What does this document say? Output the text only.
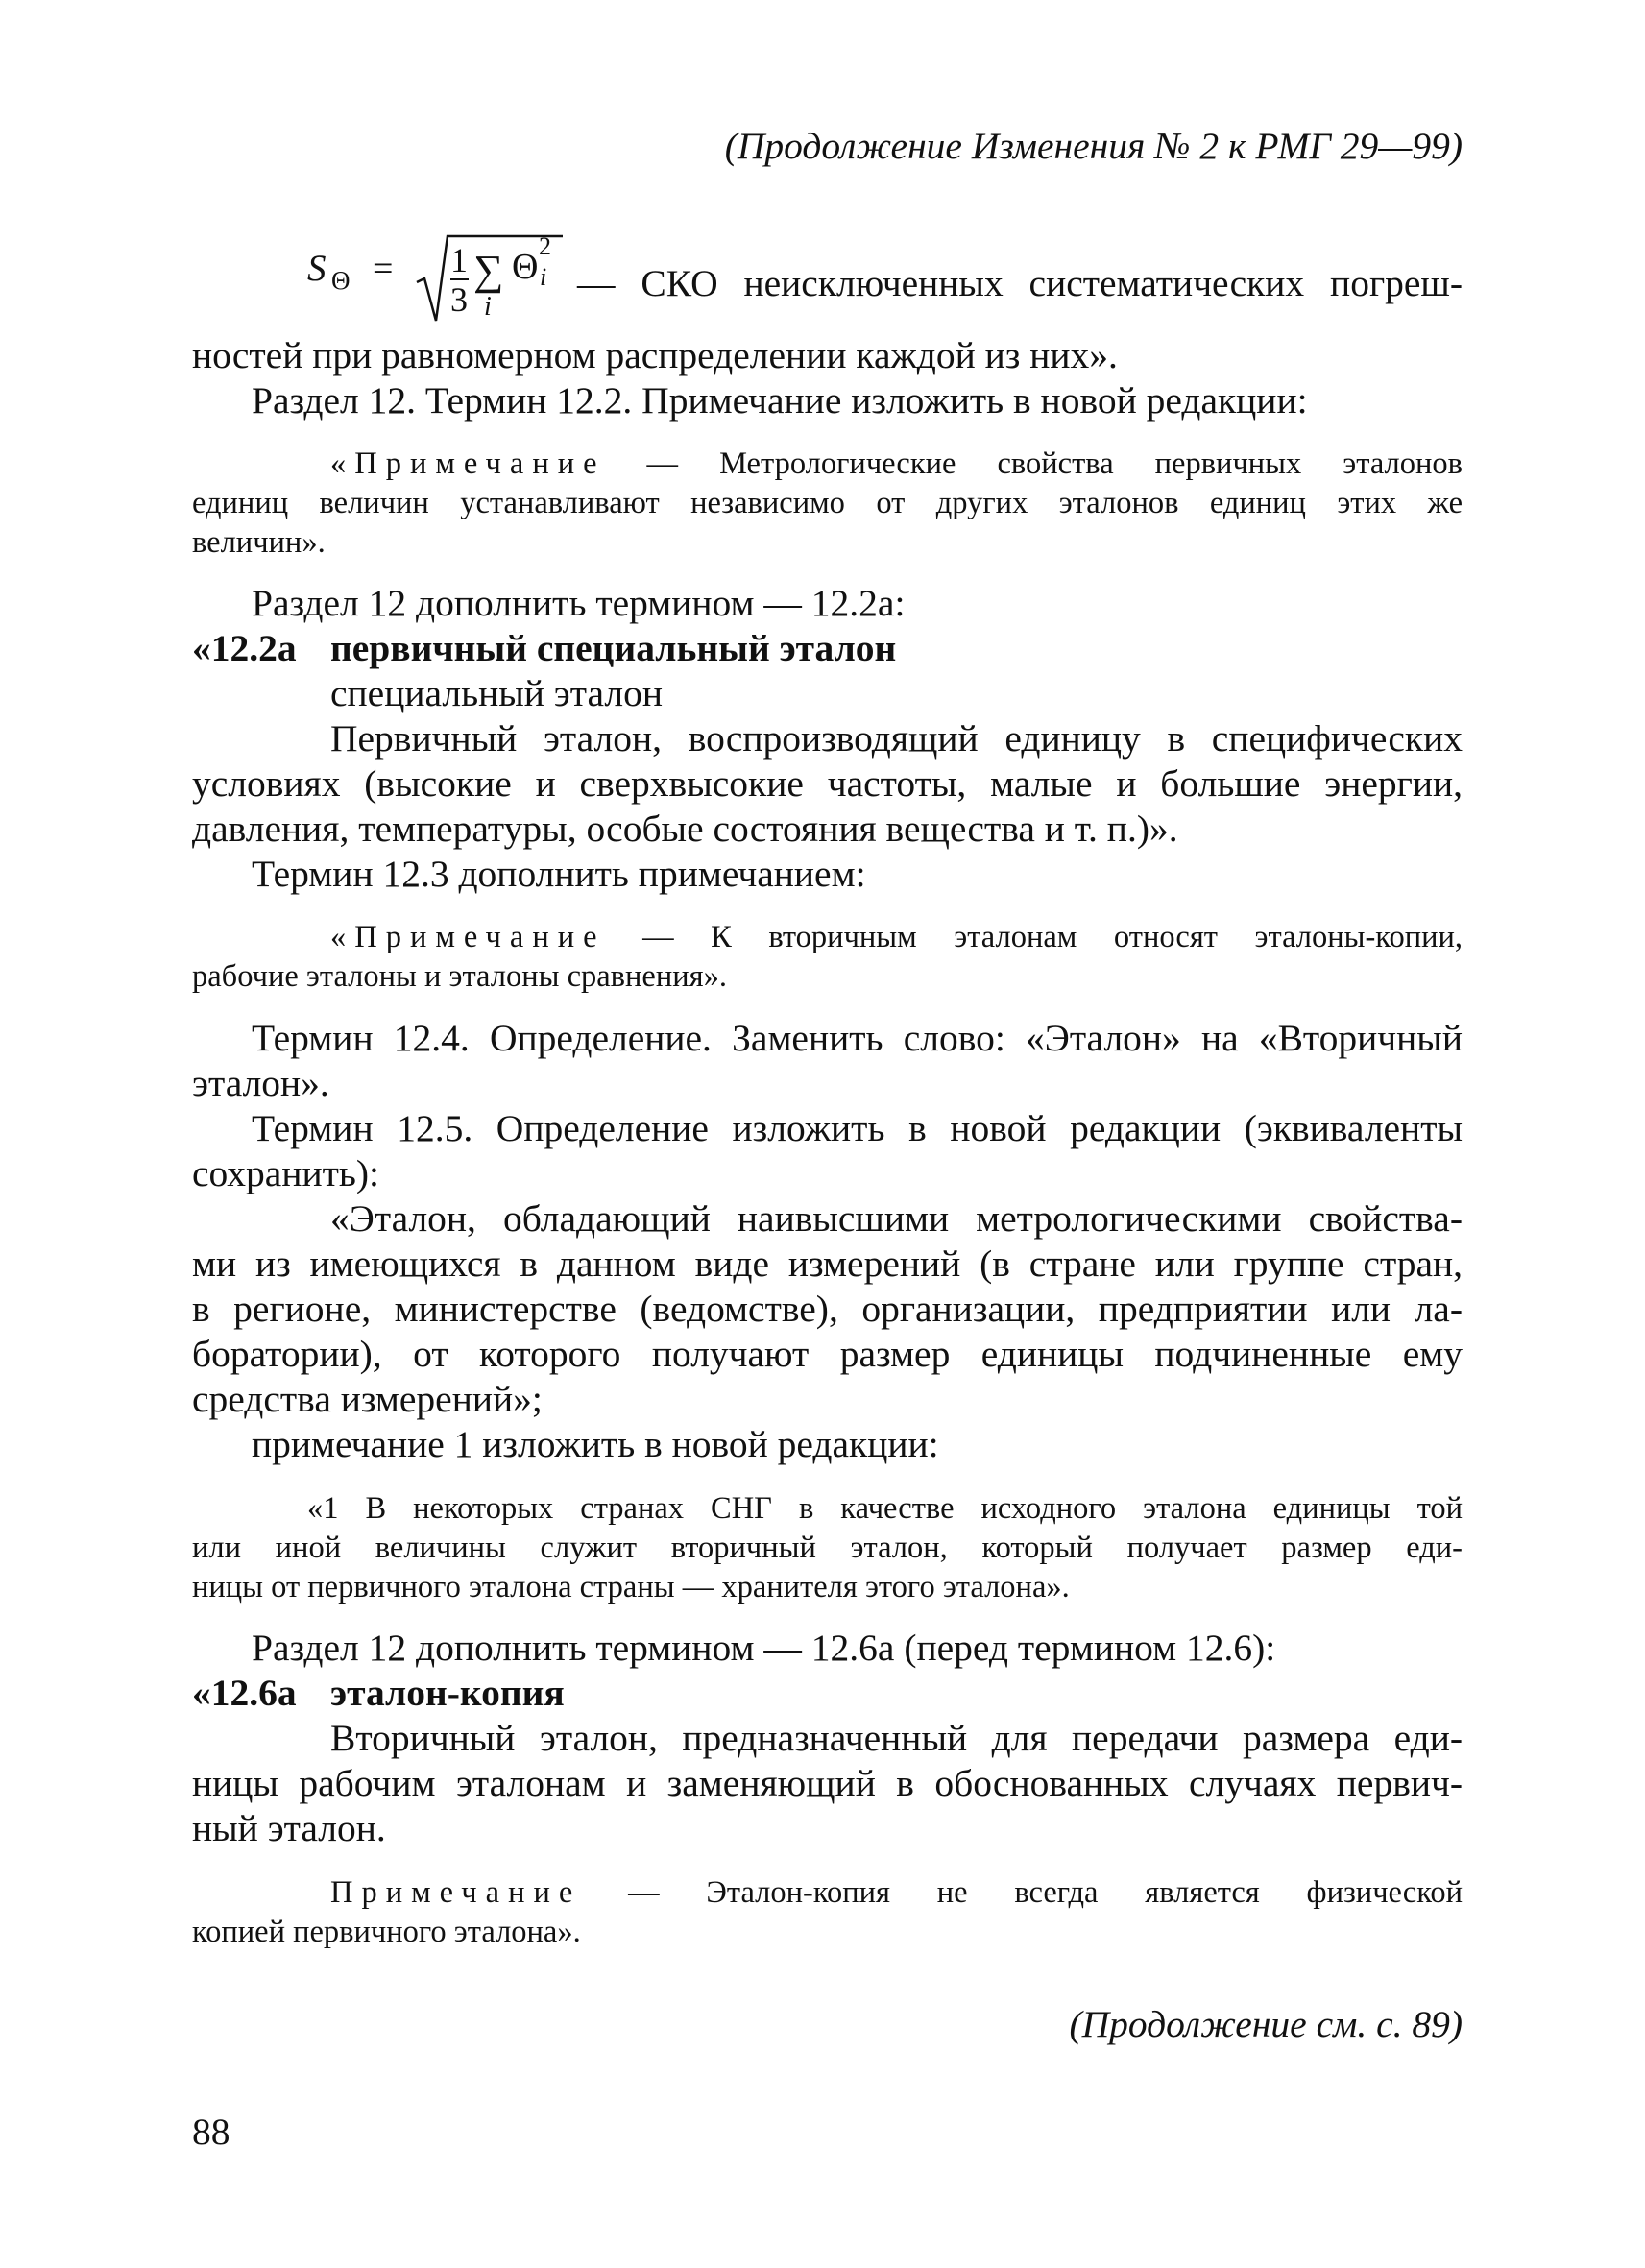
(Продолжение Изменения № 2 к РМГ 29—99)
S Θ = 1
3
∑
i
Θ i
2
— СКО неисключенных систематических погреш-
ностей при равномерном распределении каждой из них».
Раздел 12. Термин 12.2. Примечание изложить в новой редакции:
«Примечание — Метрологические свойства первичных эталонов
единиц величин устанавливают независимо от других эталонов единиц этих же
величин».
Раздел 12 дополнить термином — 12.2а:
«12.2а первичный специальный эталон
специальный эталон
Первичный эталон, воспроизводящий единицу в специфических
условиях (высокие и сверхвысокие частоты, малые и большие энергии,
давления, температуры, особые состояния вещества и т. п.)».
Термин 12.3 дополнить примечанием:
«Примечание — К вторичным эталонам относят эталоны-копии,
рабочие эталоны и эталоны сравнения».
Термин 12.4. Определение. Заменить слово: «Эталон» на «Вторичный
эталон».
Термин 12.5. Определение изложить в новой редакции (эквиваленты
сохранить):
«Эталон, обладающий наивысшими метрологическими свойства-
ми из имеющихся в данном виде измерений (в стране или группе стран,
в регионе, министерстве (ведомстве), организации, предприятии или ла-
боратории), от которого получают размер единицы подчиненные ему
средства измерений»;
примечание 1 изложить в новой редакции:
«1 В некоторых странах СНГ в качестве исходного эталона единицы той
или иной величины служит вторичный эталон, который получает размер еди-
ницы от первичного эталона страны — хранителя этого эталона».
Раздел 12 дополнить термином — 12.6а (перед термином 12.6):
«12.6а эталон-копия
Вторичный эталон, предназначенный для передачи размера еди-
ницы рабочим эталонам и заменяющий в обоснованных случаях первич-
ный эталон.
Примечание — Эталон-копия не всегда является физической
копией первичного эталона».
(Продолжение см. с. 89)
88
